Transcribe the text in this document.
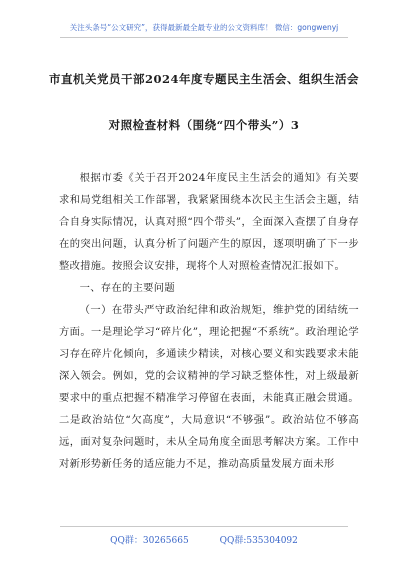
关注头条号“公文研究”，获得最新最全最专业的公文资料库！ 微信：gongwenyj
市直机关党员干部2024年度专题民主生活会、组织生活会
对照检查材料（围绕“四个带头”）3

根据市委《关于召开2024年度民主生活会的通知》有关要求和局党组相关工作部署，我紧紧围绕本次民主生活会主题，结合自身实际情况，认真对照“四个带头”，全面深入查摆了自身存在的突出问题，认真分析了问题产生的原因，逐项明确了下一步整改措施。按照会议安排，现将个人对照检查情况汇报如下。

一、存在的主要问题

（一）在带头严守政治纪律和政治规矩，维护党的团结统一方面。一是理论学习“碎片化”，理论把握“不系统”。政治理论学习存在碎片化倾向，多通读少精读，对核心要义和实践要求未能深入领会。例如，党的会议精神的学习缺乏整体性，对上级最新要求中的重点把握不精准学习停留在表面，未能真正融会贯通。二是政治站位“欠高度”，大局意识“不够强”。政治站位不够高远，面对复杂问题时，未从全局角度全面思考解决方案。工作中对新形势新任务的适应能力不足，推动高质量发展方面未形

QQ群：30265665	QQ群:535304092
